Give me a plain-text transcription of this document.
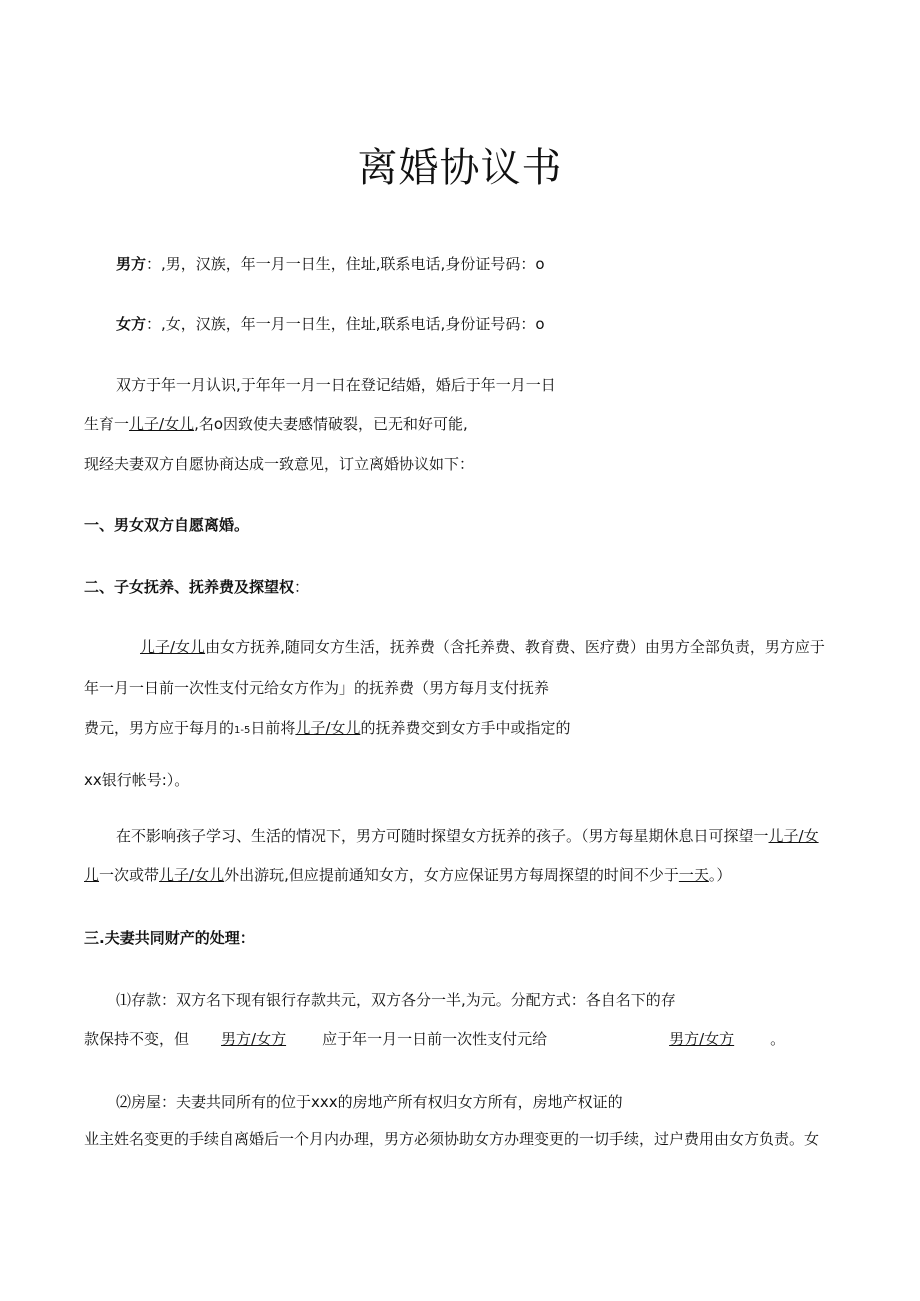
离婚协议书
男方：,男，汉族，年一月一日生，住址,联系电话,身份证号码：o
女方：,女，汉族，年一月一日生，住址,联系电话,身份证号码：o
双方于年一月认识,于年年一月一日在登记结婚，婚后于年一月一日
生育一儿子/女儿,名o因致使夫妻感情破裂，已无和好可能,
现经夫妻双方自愿协商达成一致意见，订立离婚协议如下：
一、男女双方自愿离婚。
二、子女抚养、抚养费及探望权：
儿子/女儿由女方抚养,随同女方生活，抚养费（含托养费、教育费、医疗费）由男方全部负责，男方应于
年一月一日前一次性支付元给女方作为」的抚养费（男方每月支付抚养
费元，男方应于每月的1-5日前将儿子/女儿的抚养费交到女方手中或指定的
xx银行帐号:）。
在不影响孩子学习、生活的情况下，男方可随时探望女方抚养的孩子。（男方每星期休息日可探望一儿子/女
儿一次或带儿子/女儿外出游玩,但应提前通知女方，女方应保证男方每周探望的时间不少于一天。）
三.夫妻共同财产的处理：
⑴存款：双方名下现有银行存款共元，双方各分一半,为元。分配方式：各自名下的存
款保持不变，但 男方/女方 应于年一月一日前一次性支付元给	男方/女方 。
⑵房屋：夫妻共同所有的位于xxx的房地产所有权归女方所有，房地产权证的
业主姓名变更的手续自离婚后一个月内办理，男方必须协助女方办理变更的一切手续，过户费用由女方负责。女
